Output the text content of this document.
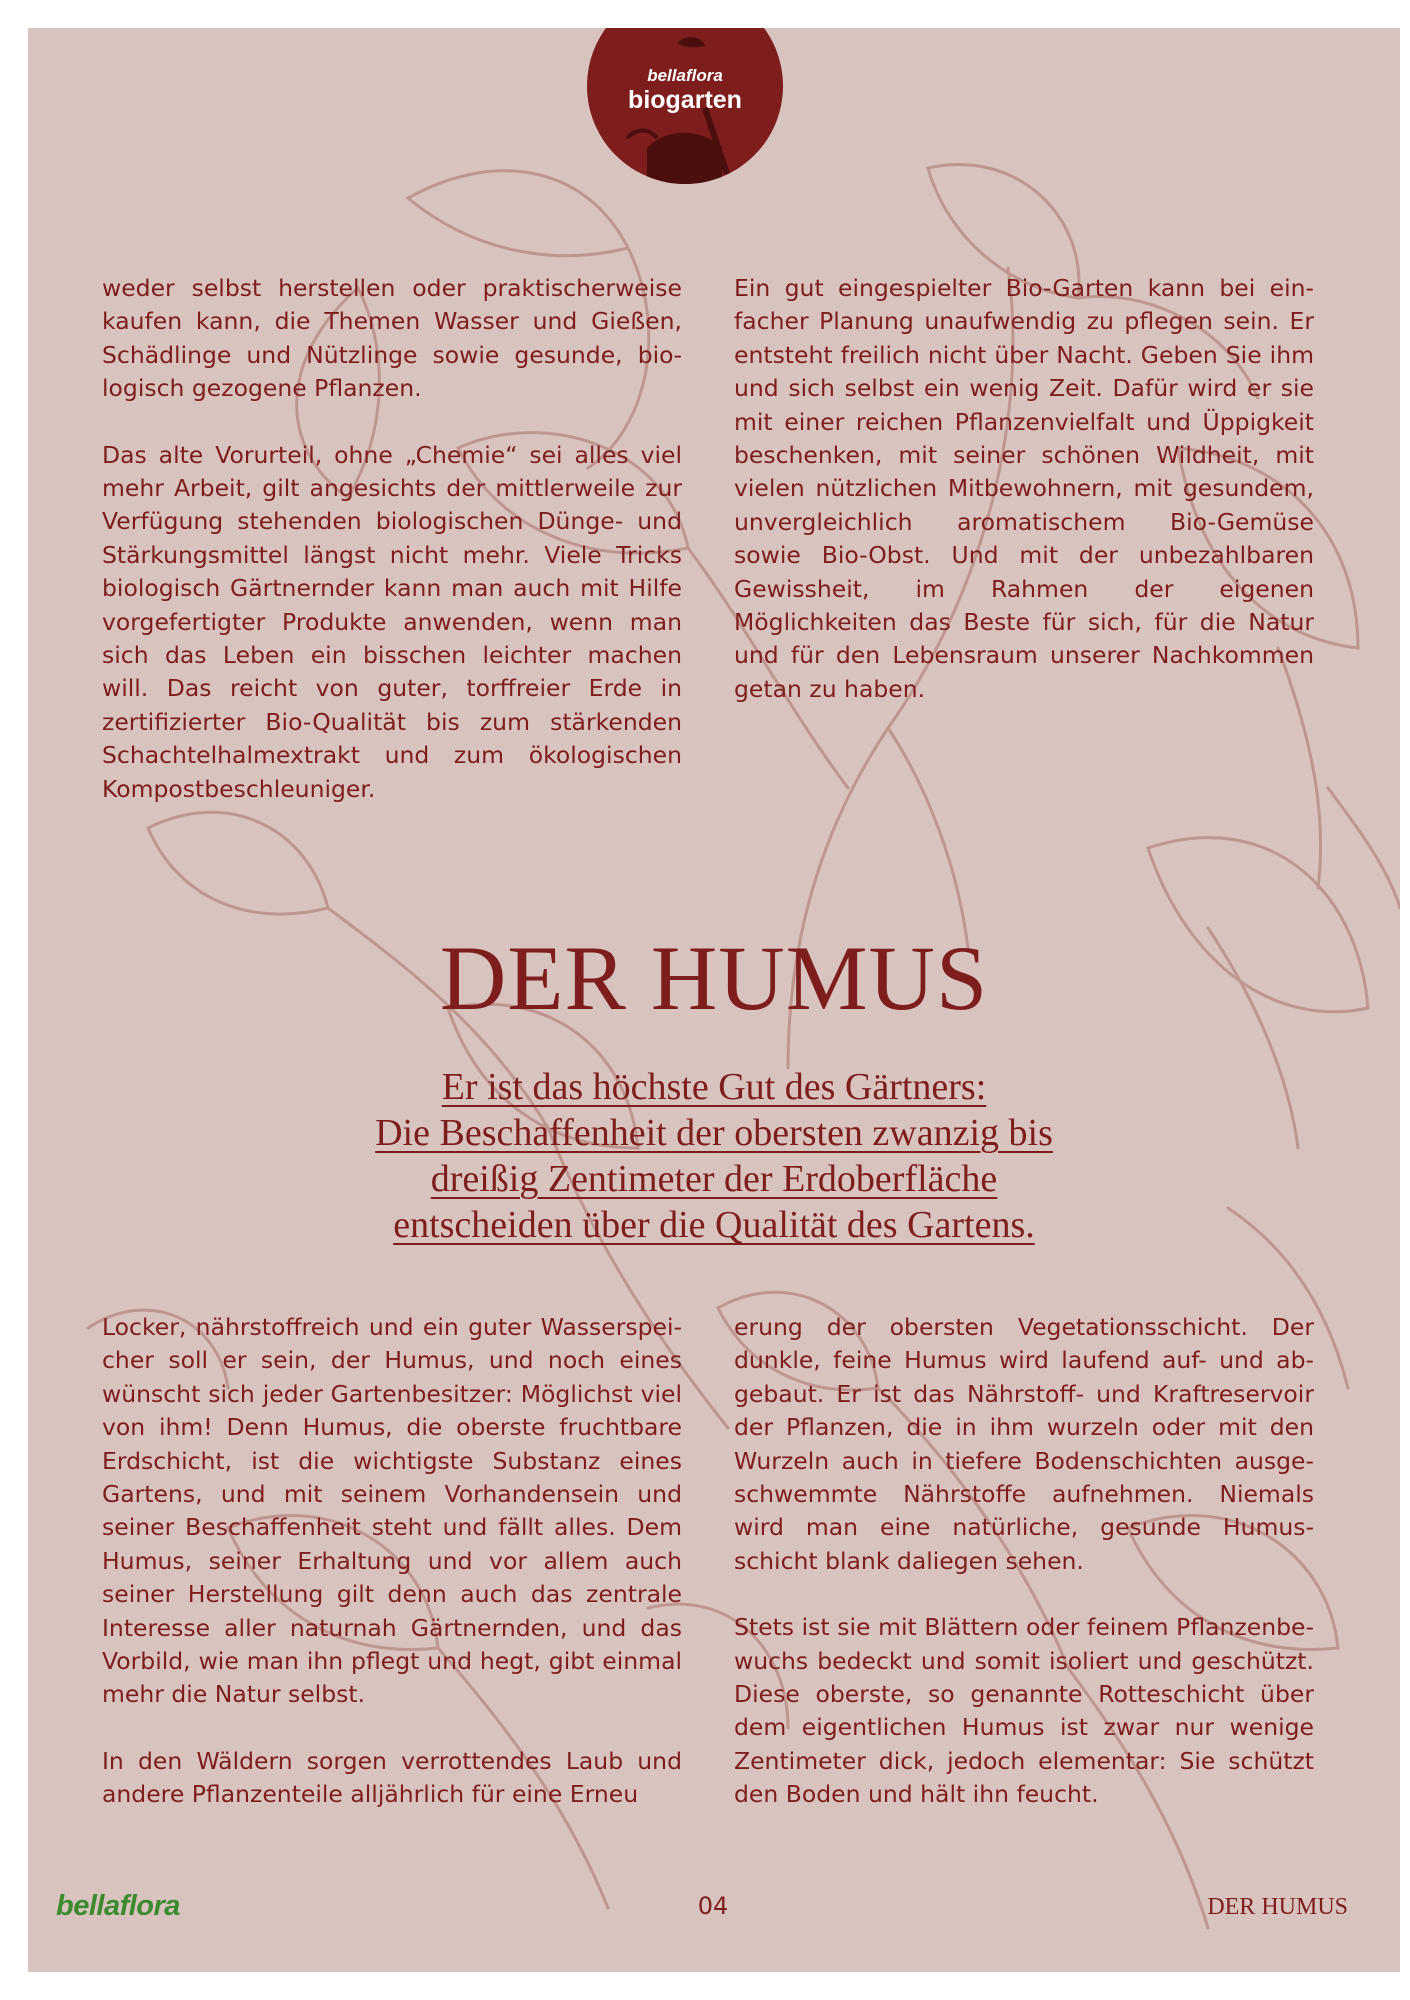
bellaflora
biogarten

weder selbst herstellen oder praktischerweise kaufen kann, die Themen Wasser und Gießen, Schädlinge und Nützlinge sowie gesunde, biologisch gezogene Pflanzen.

Das alte Vorurteil, ohne „Chemie“ sei alles viel mehr Arbeit, gilt angesichts der mittlerweile zur Verfügung stehenden biologischen Dünge- und Stärkungsmittel längst nicht mehr. Viele Tricks biologisch Gärtnernder kann man auch mit Hilfe vorgefertigter Produkte anwenden, wenn man sich das Leben ein bisschen leichter machen will. Das reicht von guter, torffreier Erde in zertifizierter Bio-Qualität bis zum stärkenden Schachtelhalmextrakt und zum ökologischen Kompostbeschleuniger.

Ein gut eingespielter Bio-Garten kann bei einfacher Planung unaufwendig zu pflegen sein. Er entsteht freilich nicht über Nacht. Geben Sie ihm und sich selbst ein wenig Zeit. Dafür wird er sie mit einer reichen Pflanzenvielfalt und Üppigkeit beschenken, mit seiner schönen Wildheit, mit vielen nützlichen Mitbewohnern, mit gesundem, unvergleichlich aromatischem Bio-Gemüse sowie Bio-Obst. Und mit der unbezahlbaren Gewissheit, im Rahmen der eigenen Möglichkeiten das Beste für sich, für die Natur und für den Lebensraum unserer Nachkommen getan zu haben.

DER HUMUS
Er ist das höchste Gut des Gärtners:
Die Beschaffenheit der obersten zwanzig bis
dreißig Zentimeter der Erdoberfläche
entscheiden über die Qualität des Gartens.

Locker, nährstoffreich und ein guter Wasserspeicher soll er sein, der Humus, und noch eines wünscht sich jeder Gartenbesitzer: Möglichst viel von ihm! Denn Humus, die oberste fruchtbare Erdschicht, ist die wichtigste Substanz eines Gartens, und mit seinem Vorhandensein und seiner Beschaffenheit steht und fällt alles. Dem Humus, seiner Erhaltung und vor allem auch seiner Herstellung gilt denn auch das zentrale Interesse aller naturnah Gärtnernden, und das Vorbild, wie man ihn pflegt und hegt, gibt einmal mehr die Natur selbst.

In den Wäldern sorgen verrottendes Laub und andere Pflanzenteile alljährlich für eine Erneu

erung der obersten Vegetationsschicht. Der dunkle, feine Humus wird laufend auf- und abgebaut. Er ist das Nährstoff- und Kraftreservoir der Pflanzen, die in ihm wurzeln oder mit den Wurzeln auch in tiefere Bodenschichten ausgeschwemmte Nährstoffe aufnehmen. Niemals wird man eine natürliche, gesunde Humusschicht blank daliegen sehen.

Stets ist sie mit Blättern oder feinem Pflanzenbewuchs bedeckt und somit isoliert und geschützt. Diese oberste, so genannte Rotteschicht über dem eigentlichen Humus ist zwar nur wenige Zentimeter dick, jedoch elementar: Sie schützt den Boden und hält ihn feucht.

bellaflora	04	DER HUMUS
